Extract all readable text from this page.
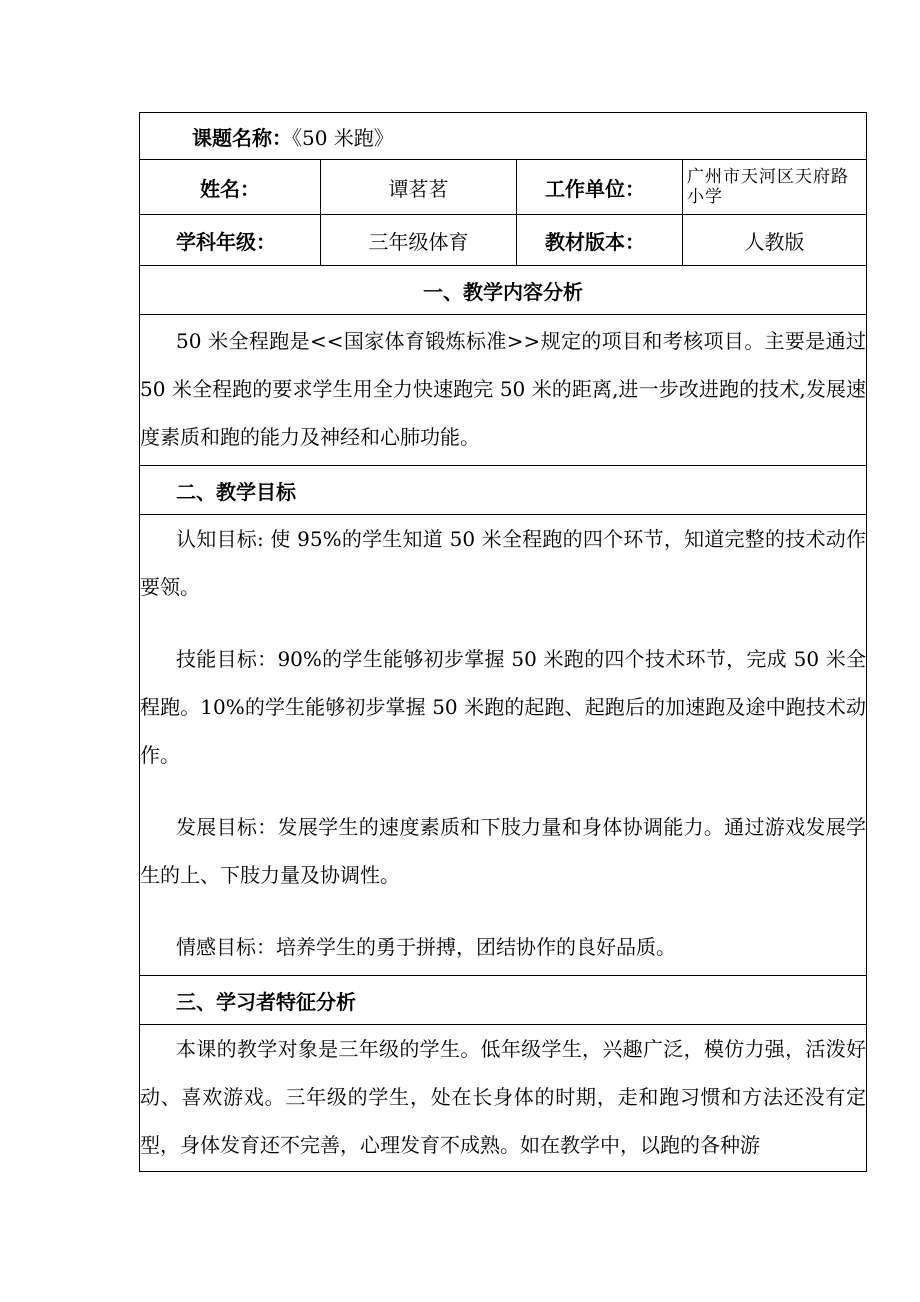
课题名称：《50 米跑》			
姓名：	谭茗茗	工作单位：	广州市天河区天府路小学
学科年级：	三年级体育	教材版本：	人教版
一、教学内容分析			

50 米全程跑是<<国家体育锻炼标准>>规定的项目和考核项目。主要是通过 50 米全程跑的要求学生用全力快速跑完 50 米的距离,进一步改进跑的技术,发展速度素质和跑的能力及神经和心肺功能。			

二、教学目标			

认知目标: 使 95%的学生知道 50 米全程跑的四个环节，知道完整的技术动作要领。

技能目标：90%的学生能够初步掌握 50 米跑的四个技术环节，完成 50 米全程跑。10%的学生能够初步掌握 50 米跑的起跑、起跑后的加速跑及途中跑技术动作。

发展目标：发展学生的速度素质和下肢力量和身体协调能力。通过游戏发展学生的上、下肢力量及协调性。

情感目标：培养学生的勇于拼搏，团结协作的良好品质。			

三、学习者特征分析			

本课的教学对象是三年级的学生。低年级学生，兴趣广泛，模仿力强，活泼好动、喜欢游戏。三年级的学生，处在长身体的时期，走和跑习惯和方法还没有定型，身体发育还不完善，心理发育不成熟。如在教学中，以跑的各种游			
